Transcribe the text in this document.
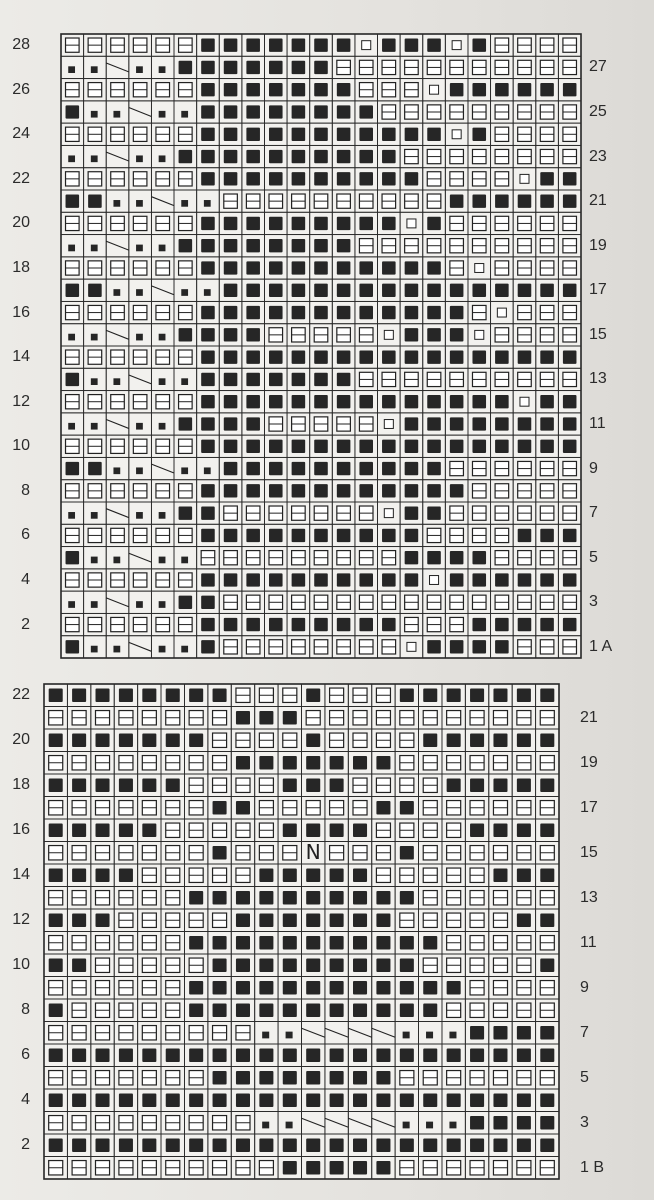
28
26
24
22
20
18
16
14
12
10
8
6
4
2
27
25
23
21
19
17
15
13
11
9
7
5
3
1 A
N
22
20
18
16
14
12
10
8
6
4
2
21
19
17
15
13
11
9
7
5
3
1 B
